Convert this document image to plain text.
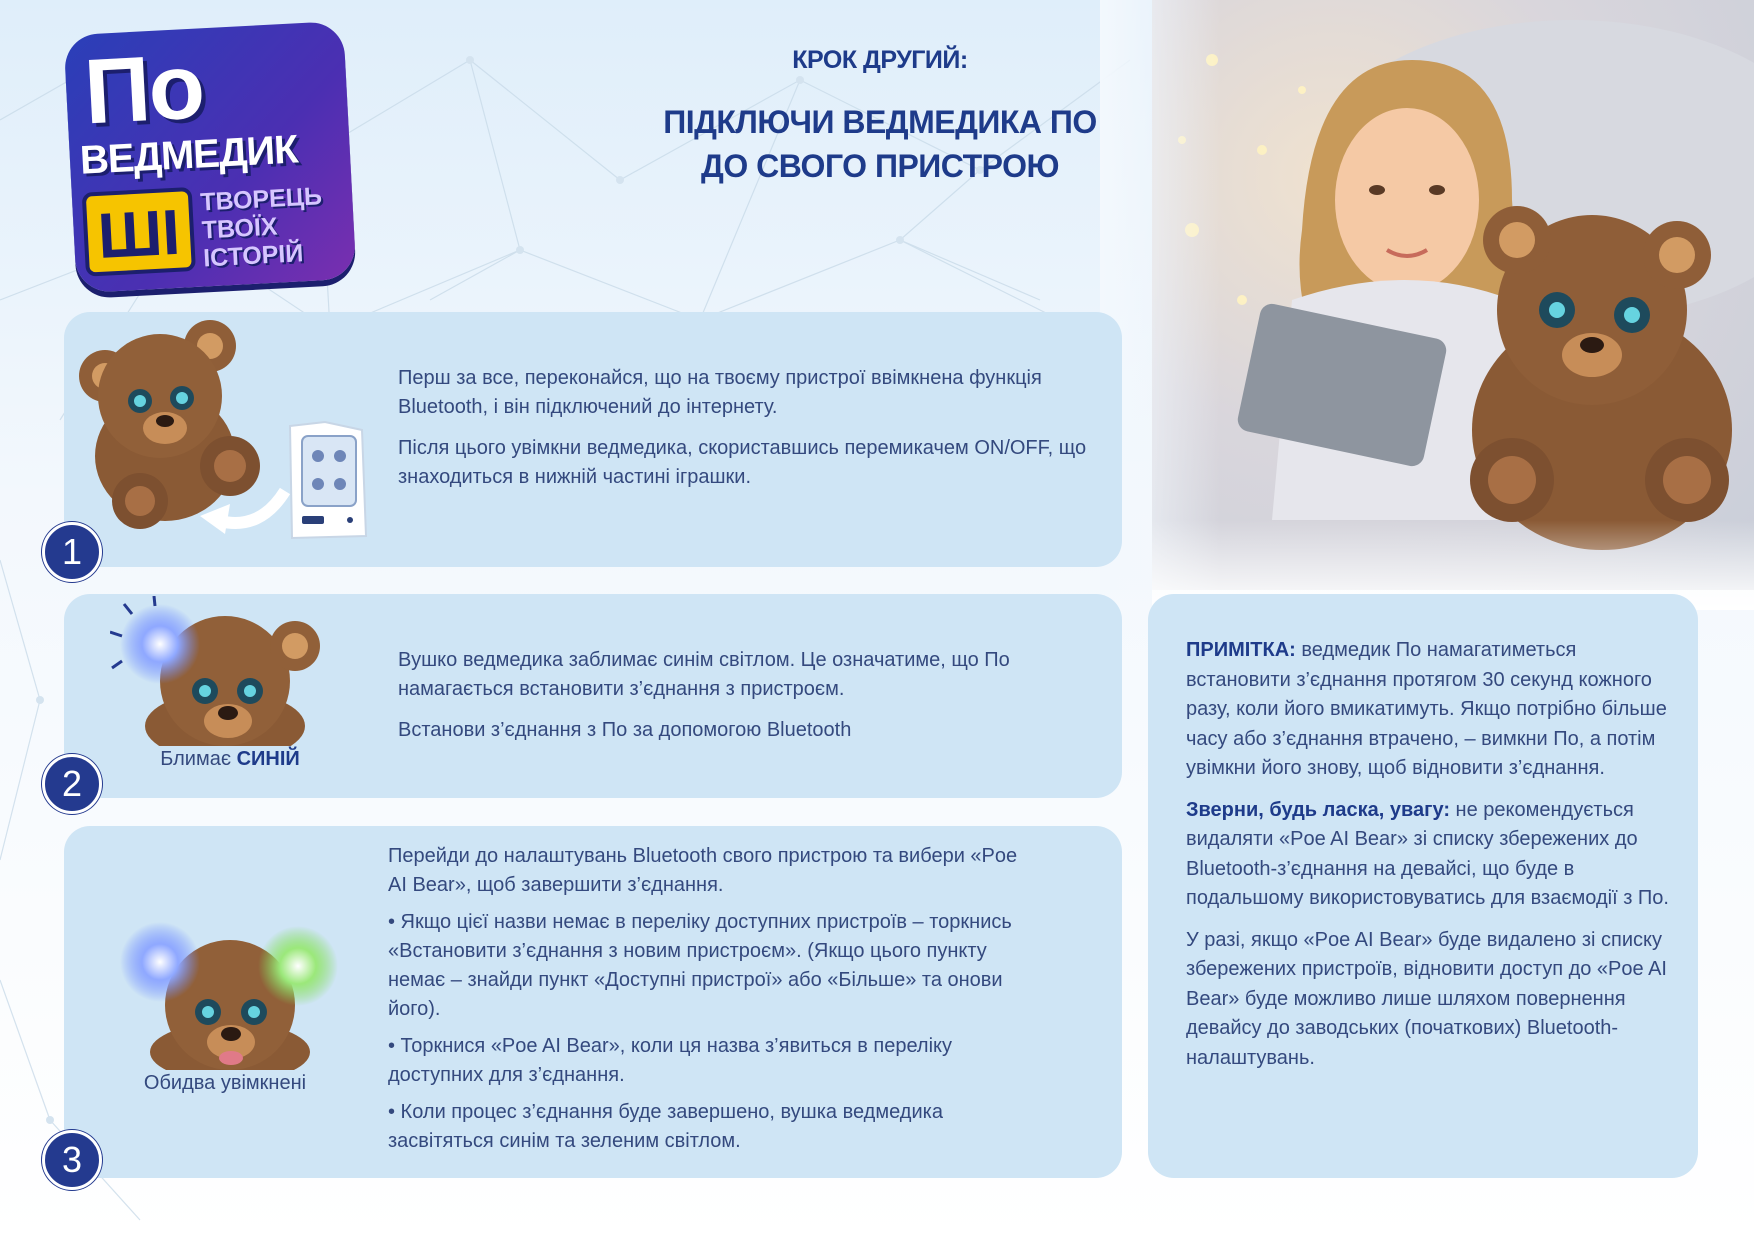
По
ВЕДМЕДИК
ШІ ТВОРЕЦЬ
ТВОЇХ
ІСТОРІЙ
КРОК ДРУГИЙ:
ПІДКЛЮЧИ ВЕДМЕДИКА ПО
ДО СВОГО ПРИСТРОЮ
Блимає СИНІЙ
Обидва увімкнені

Перш за все, переконайся, що на твоєму пристрої ввімкнена функція Bluetooth, і він підключений до інтернету.

Після цього увімкни ведмедика, скориставшись перемикачем ON/OFF, що знаходиться в нижній частині іграшки.

Вушко ведмедика заблимає синім світлом. Це означатиме, що По намагається встановити з’єднання з пристроєм.

Встанови з’єднання з По за допомогою Bluetooth

Перейди до налаштувань Bluetooth свого пристрою та вибери «Poe AI Bear», щоб завершити з’єднання.

• Якщо цієї назви немає в переліку доступних пристроїв – торкнись «Встановити з’єднання з новим пристроєм». (Якщо цього пункту немає – знайди пункт «Доступні пристрої» або «Більше» та онови його).

• Торкнися «Poe AI Bear», коли ця назва з’явиться в переліку доступних для з’єднання.

• Коли процес з’єднання буде завершено, вушка ведмедика засвітяться синім та зеленим світлом.

ПРИМІТКА: ведмедик По намагатиметься встановити з’єднання протягом 30 секунд кожного разу, коли його вмикатимуть. Якщо потрібно більше часу або з’єднання втрачено, – вимкни По, а потім увімкни його знову, щоб відновити з’єднання.

Зверни, будь ласка, увагу: не рекомендується видаляти «Poe AI Bear» зі списку збережених до Bluetooth-з’єднання на девайсі, що буде в подальшому використовуватись для взаємодії з По.

У разі, якщо «Poe AI Bear» буде видалено зі списку збережених пристроїв, відновити доступ до «Poe AI Bear» буде можливо лише шляхом повернення девайсу до заводських (початкових) Bluetooth-налаштувань.

1
2
3
